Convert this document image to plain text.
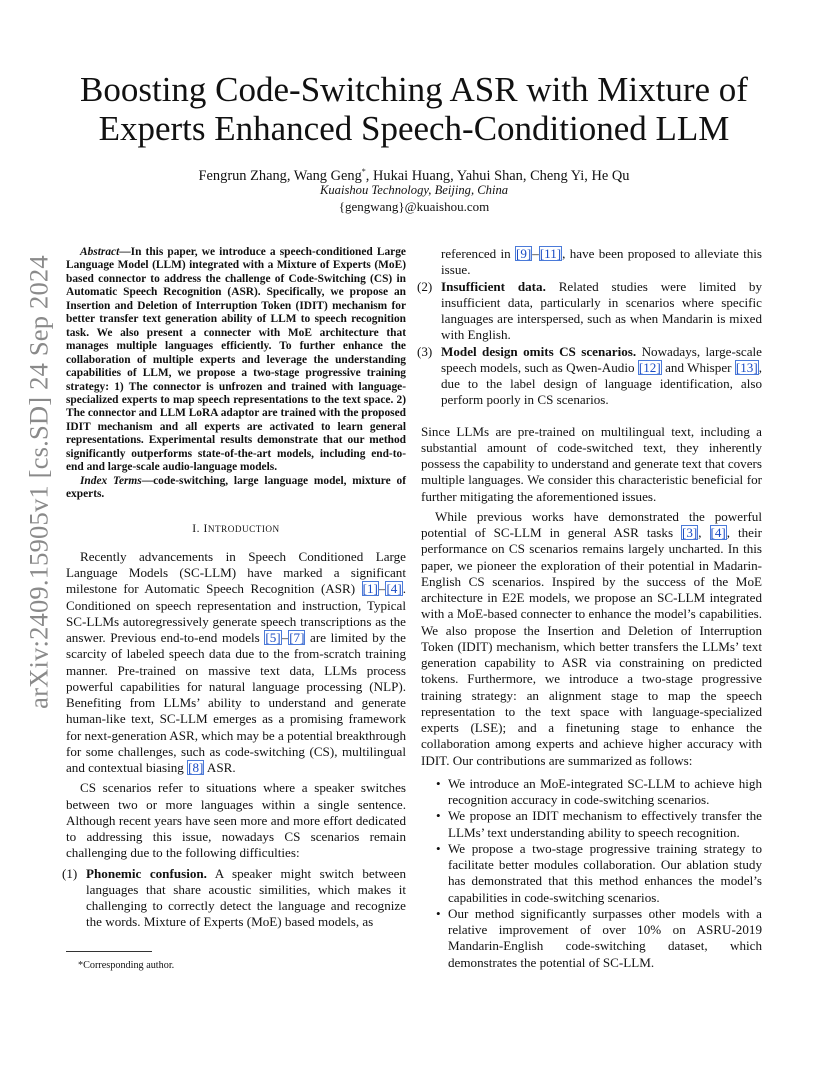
arXiv:2409.15905v1 [cs.SD] 24 Sep 2024
Boosting Code-Switching ASR with Mixture of
Experts Enhanced Speech-Conditioned LLM
Fengrun Zhang, Wang Geng*, Hukai Huang, Yahui Shan, Cheng Yi, He Qu
Kuaishou Technology, Beijing, China
{gengwang}@kuaishou.com

Abstract—In this paper, we introduce a speech-conditioned Large Language Model (LLM) integrated with a Mixture of Experts (MoE) based connector to address the challenge of Code-Switching (CS) in Automatic Speech Recognition (ASR). Specifically, we propose an Insertion and Deletion of Interruption Token (IDIT) mechanism for better transfer text generation ability of LLM to speech recognition task. We also present a connecter with MoE architecture that manages multiple languages efficiently. To further enhance the collaboration of multiple experts and leverage the understanding capabilities of LLM, we propose a two-stage progressive training strategy: 1) The connector is unfrozen and trained with language-specialized experts to map speech representations to the text space. 2) The connector and LLM LoRA adaptor are trained with the proposed IDIT mechanism and all experts are activated to learn general representations. Experimental results demonstrate that our method significantly outperforms state-of-the-art models, including end-to-end and large-scale audio-language models.

Index Terms—code-switching, large language model, mixture of experts.

I. INTRODUCTION

Recently advancements in Speech Conditioned Large Language Models (SC-LLM) have marked a significant milestone for Automatic Speech Recognition (ASR) [1]–[4]. Conditioned on speech representation and instruction, Typical SC-LLMs autoregressively generate speech transcriptions as the answer. Previous end-to-end models [5]–[7] are limited by the scarcity of labeled speech data due to the from-scratch training manner. Pre-trained on massive text data, LLMs process powerful capabilities for natural language processing (NLP). Benefiting from LLMs’ ability to understand and generate human-like text, SC-LLM emerges as a promising framework for next-generation ASR, which may be a potential breakthrough for some challenges, such as code-switching (CS), multilingual and contextual biasing [8] ASR.

CS scenarios refer to situations where a speaker switches between two or more languages within a single sentence. Although recent years have seen more and more effort dedicated to addressing this issue, nowadays CS scenarios remain challenging due to the following difficulties:

(1) Phonemic confusion. A speaker might switch between languages that share acoustic similities, which makes it challenging to correctly detect the language and recognize the words. Mixture of Experts (MoE) based models, as
referenced in [9]–[11], have been proposed to alleviate this issue.
(2) Insufficient data. Related studies were limited by insufficient data, particularly in scenarios where specific languages are interspersed, such as when Mandarin is mixed with English.
(3) Model design omits CS scenarios. Nowadays, large-scale speech models, such as Qwen-Audio [12] and Whisper [13], due to the label design of language identification, also perform poorly in CS scenarios.

Since LLMs are pre-trained on multilingual text, including a substantial amount of code-switched text, they inherently possess the capability to understand and generate text that covers multiple languages. We consider this characteristic beneficial for further mitigating the aforementioned issues.

While previous works have demonstrated the powerful potential of SC-LLM in general ASR tasks [3], [4], their performance on CS scenarios remains largely uncharted. In this paper, we pioneer the exploration of their potential in Madarin-English CS scenarios. Inspired by the success of the MoE architecture in E2E models, we propose an SC-LLM integrated with a MoE-based connecter to enhance the model’s capabilities. We also propose the Insertion and Deletion of Interruption Token (IDIT) mechanism, which better transfers the LLMs’ text generation capability to ASR via constraining on predicted tokens. Furthermore, we introduce a two-stage progressive training strategy: an alignment stage to map the speech representation to the text space with language-specialized experts (LSE); and a finetuning stage to enhance the collaboration among experts and achieve higher accuracy with IDIT. Our contributions are summarized as follows:

• We introduce an MoE-integrated SC-LLM to achieve high recognition accuracy in code-switching scenarios.
• We propose an IDIT mechanism to effectively transfer the LLMs’ text understanding ability to speech recognition.
• We propose a two-stage progressive training strategy to facilitate better modules collaboration. Our ablation study has demonstrated that this method enhances the model’s capabilities in code-switching scenarios.
• Our method significantly surpasses other models with a relative improvement of over 10% on ASRU-2019 Mandarin-English code-switching dataset, which demonstrates the potential of SC-LLM.
*Corresponding author.
